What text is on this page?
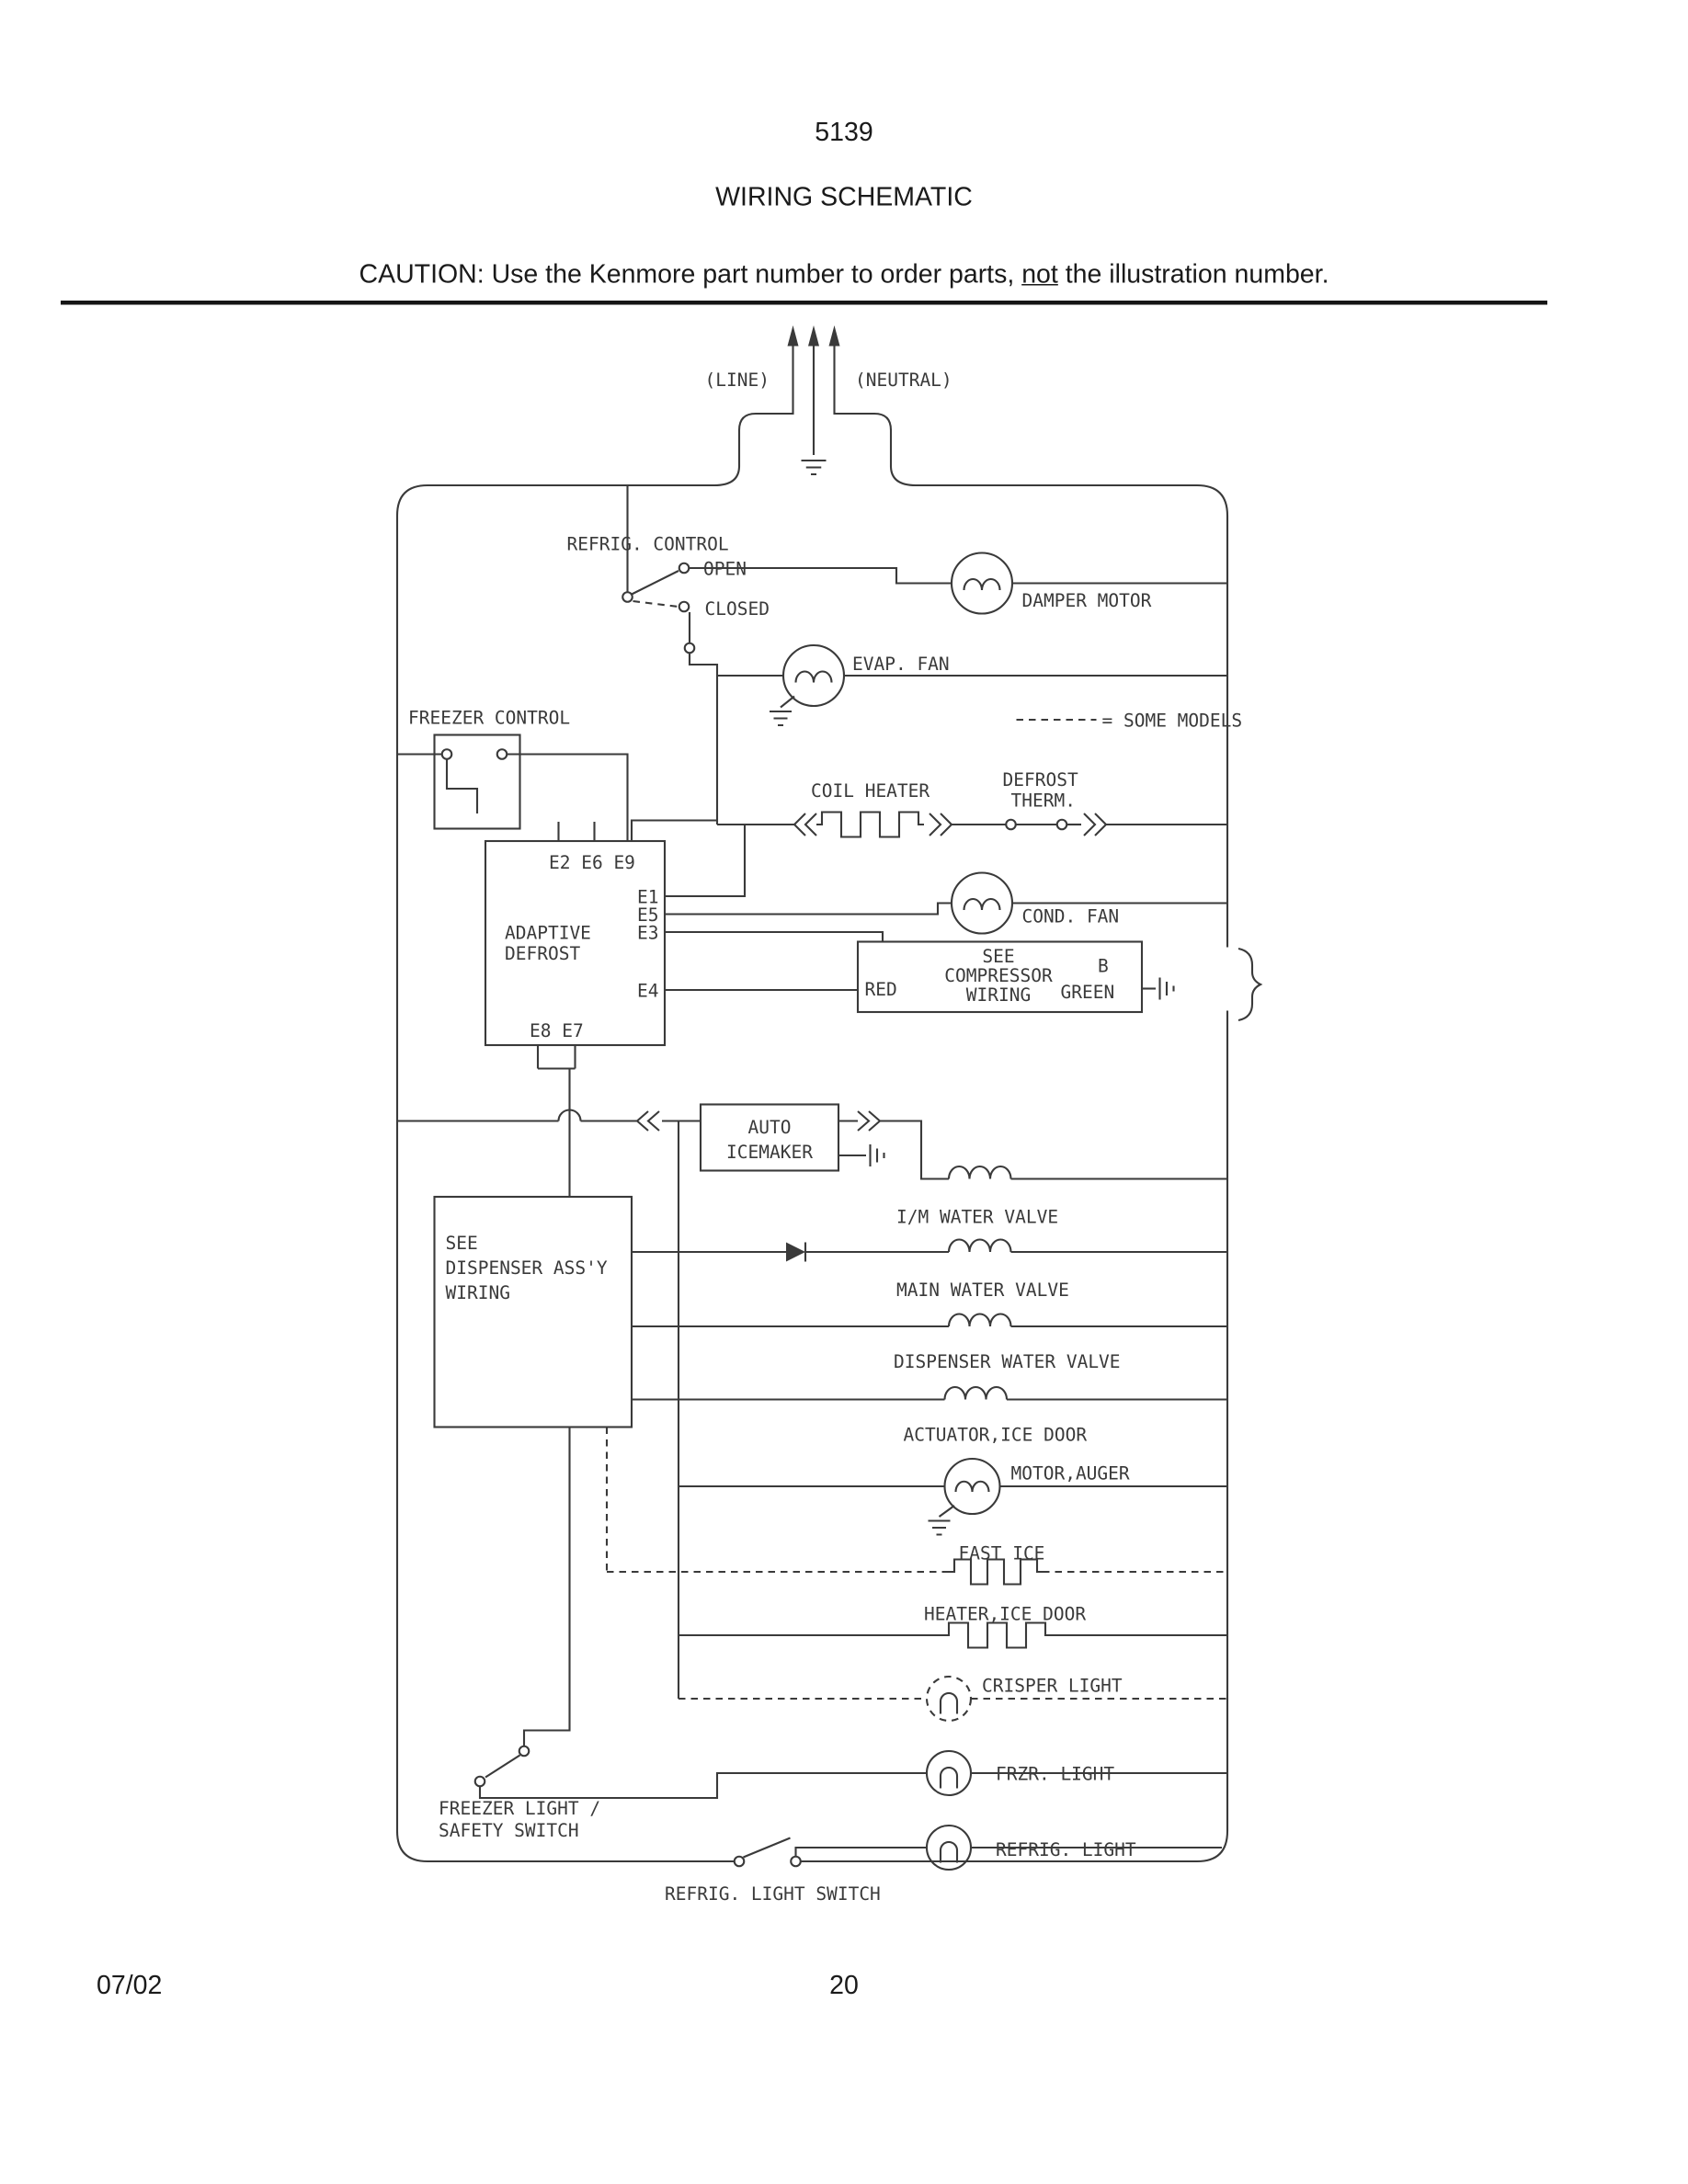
5139
WIRING SCHEMATIC
CAUTION: Use the Kenmore part number to order parts, not the illustration number.
(LINE)	(NEUTRAL)
REFRIG. CONTROL
OPEN
CLOSED	DAMPER MOTOR
EVAP. FAN
= SOME MODELS
FREEZER CONTROL
COIL HEATER
DEFROST
THERM.
E2 E6 E9
E1
E5
E3
ADAPTIVE
DEFROST
E4
E8 E7
COND. FAN
SEE
COMPRESSOR
WIRING
RED
B
GREEN
AUTO
ICEMAKER
SEE
DISPENSER ASS'Y
WIRING
I/M WATER VALVE
MAIN WATER VALVE
DISPENSER WATER VALVE
ACTUATOR,ICE DOOR
MOTOR,AUGER
FAST ICE
HEATER,ICE DOOR
CRISPER LIGHT
FRZR. LIGHT
FREEZER LIGHT /
SAFETY SWITCH
REFRIG. LIGHT
REFRIG. LIGHT SWITCH
07/02	20
